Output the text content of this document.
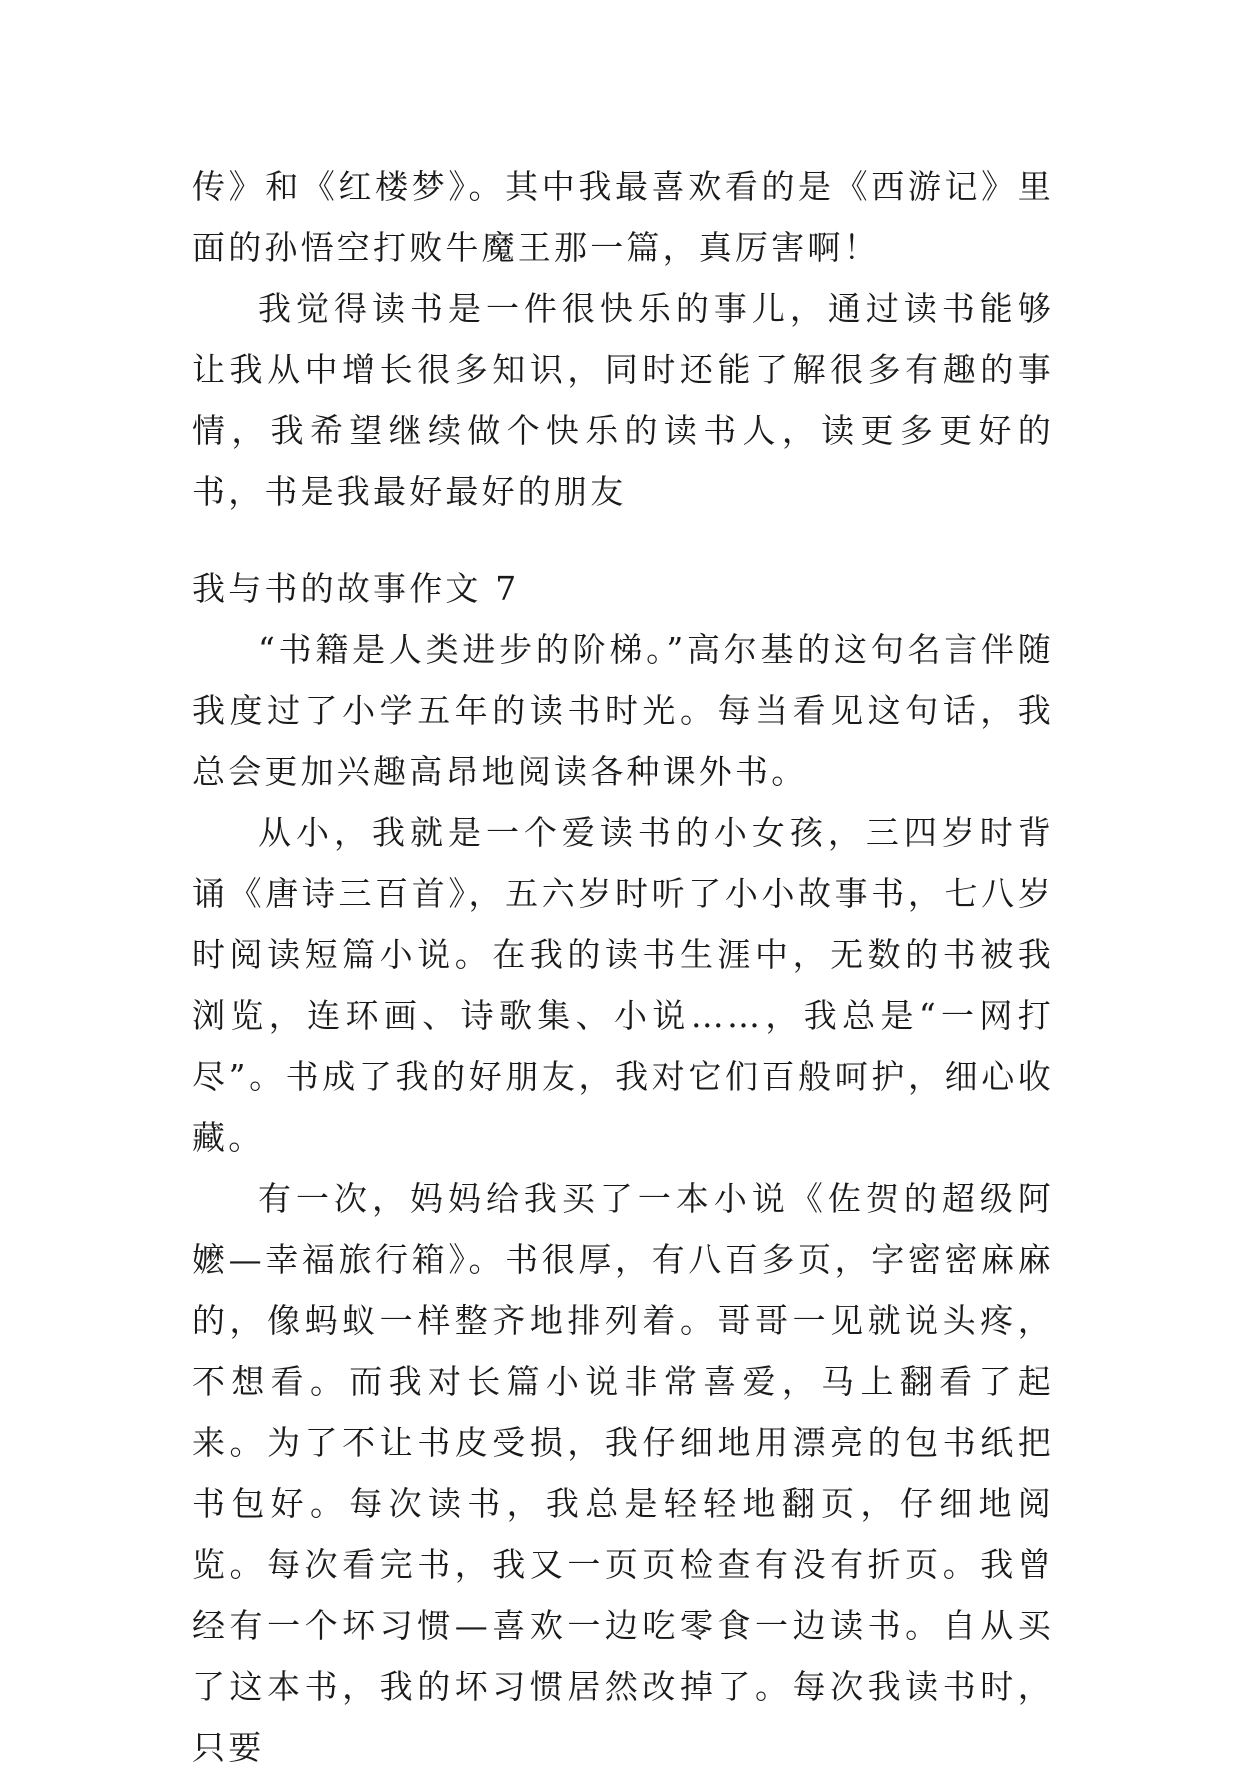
传》和《红楼梦》。其中我最喜欢看的是《西游记》里面的孙悟空打败牛魔王那一篇，真厉害啊！

我觉得读书是一件很快乐的事儿，通过读书能够让我从中增长很多知识，同时还能了解很多有趣的事情，我希望继续做个快乐的读书人，读更多更好的书，书是我最好最好的朋友

我与书的故事作文 7

“书籍是人类进步的阶梯。”高尔基的这句名言伴随我度过了小学五年的读书时光。每当看见这句话，我总会更加兴趣高昂地阅读各种课外书。

从小，我就是一个爱读书的小女孩，三四岁时背诵《唐诗三百首》，五六岁时听了小小故事书，七八岁时阅读短篇小说。在我的读书生涯中，无数的书被我浏览，连环画、诗歌集、小说……，我总是“一网打尽”。书成了我的好朋友，我对它们百般呵护，细心收藏。

有一次，妈妈给我买了一本小说《佐贺的超级阿嬷—幸福旅行箱》。书很厚，有八百多页，字密密麻麻的，像蚂蚁一样整齐地排列着。哥哥一见就说头疼，不想看。而我对长篇小说非常喜爱，马上翻看了起来。为了不让书皮受损，我仔细地用漂亮的包书纸把书包好。每次读书，我总是轻轻地翻页，仔细地阅览。每次看完书，我又一页页检查有没有折页。我曾经有一个坏习惯—喜欢一边吃零食一边读书。自从买了这本书，我的坏习惯居然改掉了。每次我读书时，只要
